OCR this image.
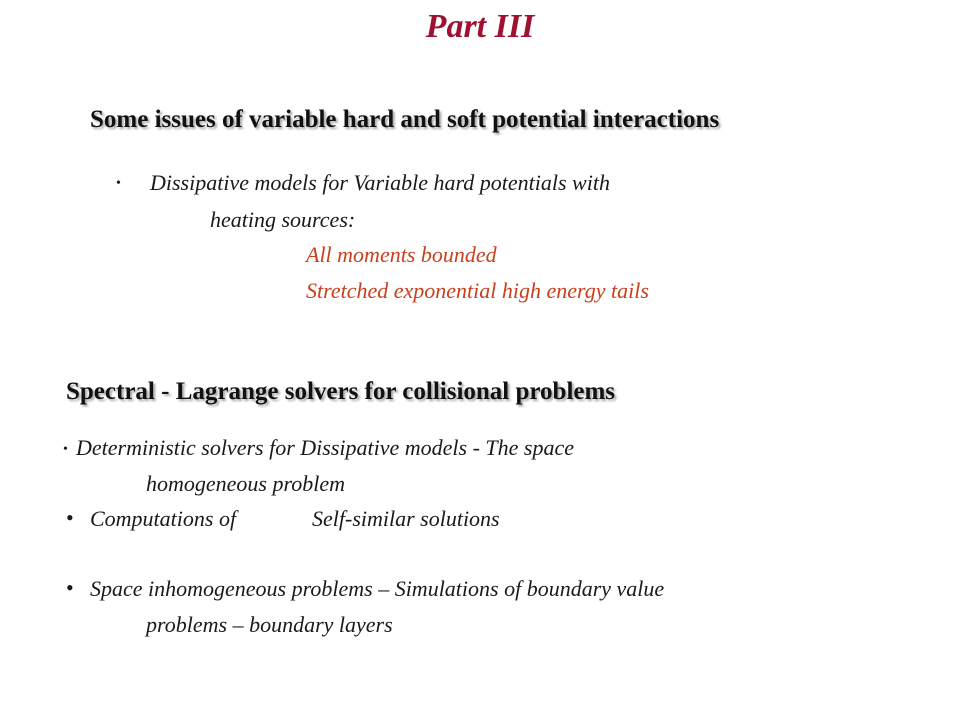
Part III
Some issues of variable hard and soft potential interactions
• Dissipative models for Variable hard potentials with
heating sources:
All moments bounded
Stretched exponential high energy tails
Spectral - Lagrange solvers for collisional problems
• Deterministic solvers for Dissipative models - The space
homogeneous problem
• Computations of	Self-similar solutions
• Space inhomogeneous problems – Simulations of boundary value
problems – boundary layers
